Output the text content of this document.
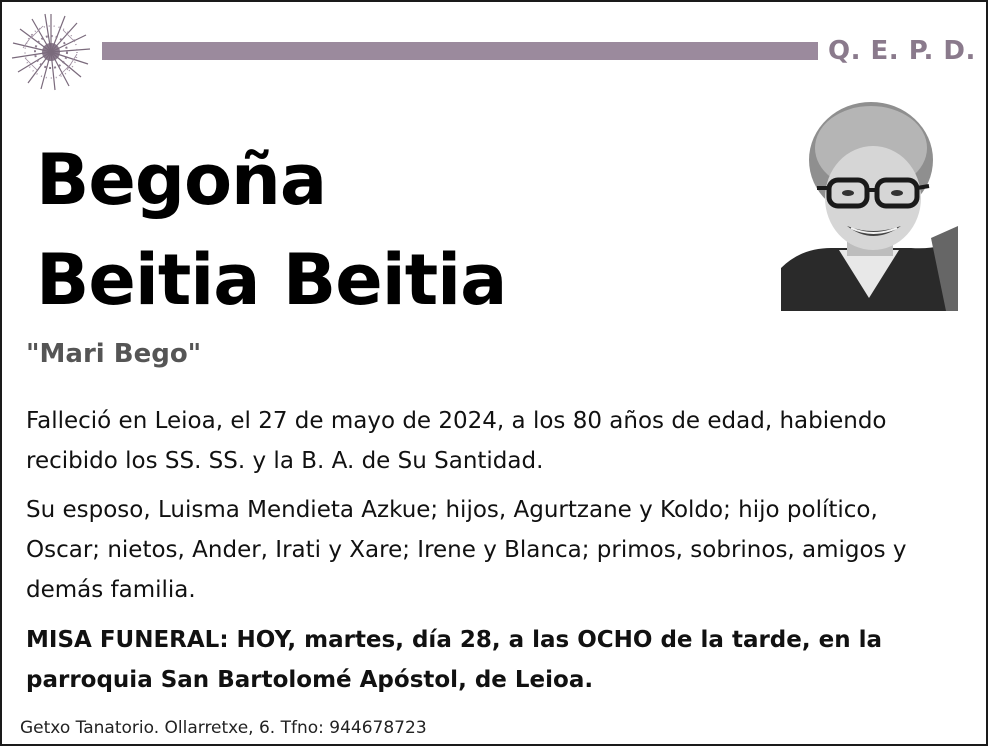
Q. E. P. D.
Begoña
Beitia Beitia
"Mari Bego"
Falleció en Leioa, el 27 de mayo de 2024, a los 80 años de edad, habiendo
recibido los SS. SS. y la B. A. de Su Santidad.
Su esposo, Luisma Mendieta Azkue; hijos, Agurtzane y Koldo; hijo político,
Oscar; nietos, Ander, Irati y Xare; Irene y Blanca; primos, sobrinos, amigos y
demás familia.
MISA FUNERAL: HOY, martes, día 28, a las OCHO de la tarde, en la
parroquia San Bartolomé Apóstol, de Leioa.
Getxo Tanatorio. Ollarretxe, 6. Tfno: 944678723
